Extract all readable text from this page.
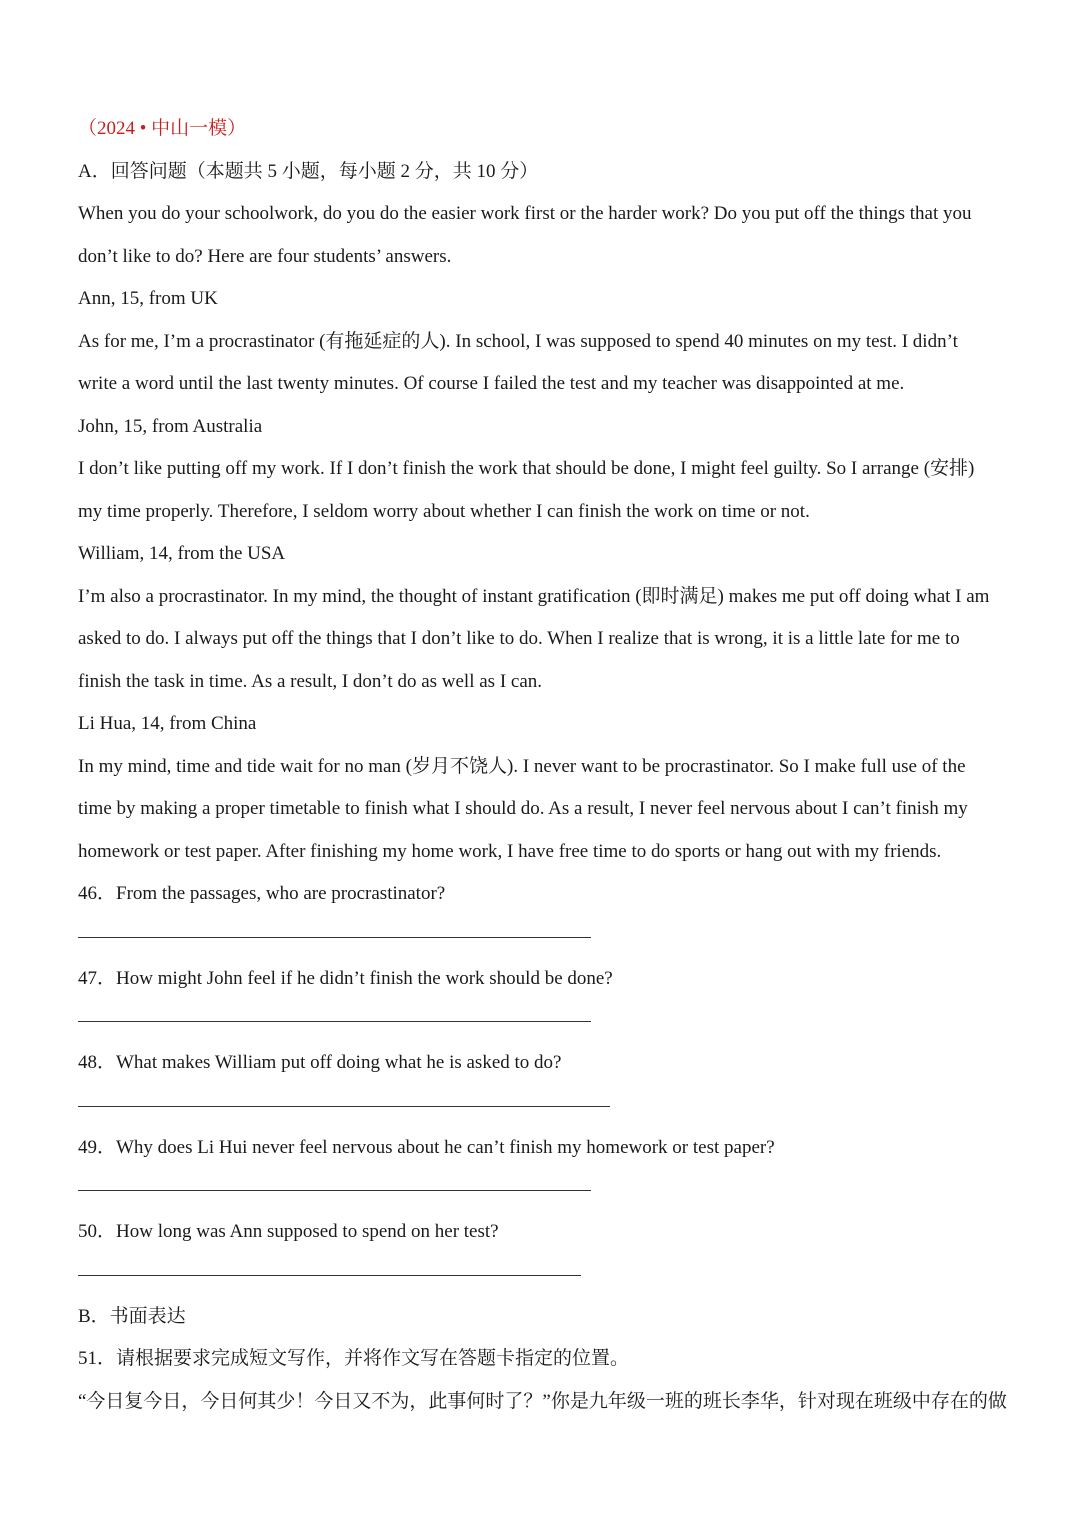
（2024 • 中山一模）
A．回答问题（本题共 5 小题，每小题 2 分，共 10 分）
When you do your schoolwork, do you do the easier work first or the harder work? Do you put off the things that you
don’t like to do? Here are four students’ answers.
Ann, 15, from UK
As for me, I’m a procrastinator (有拖延症的人). In school, I was supposed to spend 40 minutes on my test. I didn’t
write a word until the last twenty minutes. Of course I failed the test and my teacher was disappointed at me.
John, 15, from Australia
I don’t like putting off my work. If I don’t finish the work that should be done, I might feel guilty. So I arrange (安排)
my time properly. Therefore, I seldom worry about whether I can finish the work on time or not.
William, 14, from the USA
I’m also a procrastinator. In my mind, the thought of instant gratification (即时满足) makes me put off doing what I am
asked to do. I always put off the things that I don’t like to do. When I realize that is wrong, it is a little late for me to
finish the task in time. As a result, I don’t do as well as I can.
Li Hua, 14, from China
In my mind, time and tide wait for no man (岁月不饶人). I never want to be procrastinator. So I make full use of the
time by making a proper timetable to finish what I should do. As a result, I never feel nervous about I can’t finish my
homework or test paper. After finishing my home work, I have free time to do sports or hang out with my friends.
46．From the passages, who are procrastinator?
47．How might John feel if he didn’t finish the work should be done?
48．What makes William put off doing what he is asked to do?
49．Why does Li Hui never feel nervous about he can’t finish my homework or test paper?
50．How long was Ann supposed to spend on her test?
B．书面表达
51．请根据要求完成短文写作，并将作文写在答题卡指定的位置。
“今日复今日，今日何其少！今日又不为，此事何时了？”你是九年级一班的班长李华，针对现在班级中存在的做
